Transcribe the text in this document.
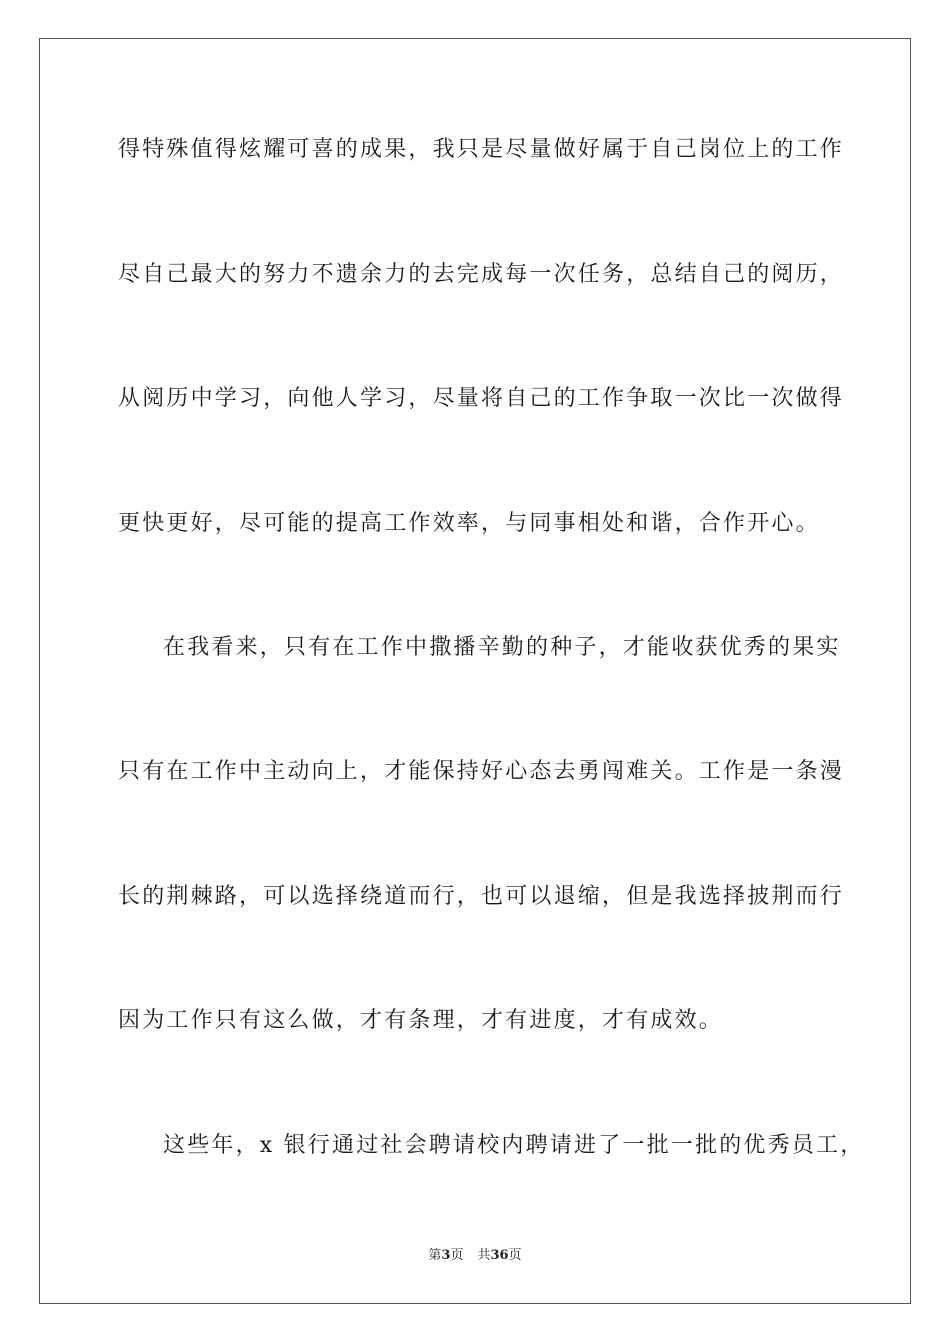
得特殊值得炫耀可喜的成果，我只是尽量做好属于自己岗位上的工作
尽自己最大的努力不遗余力的去完成每一次任务，总结自己的阅历，
从阅历中学习，向他人学习，尽量将自己的工作争取一次比一次做得
更快更好，尽可能的提高工作效率，与同事相处和谐，合作开心。
在我看来，只有在工作中撒播辛勤的种子，才能收获优秀的果实
只有在工作中主动向上，才能保持好心态去勇闯难关。工作是一条漫
长的荆棘路，可以选择绕道而行，也可以退缩，但是我选择披荆而行
因为工作只有这么做，才有条理，才有进度，才有成效。
这些年，x 银行通过社会聘请校内聘请进了一批一批的优秀员工，
第3页 共36页
